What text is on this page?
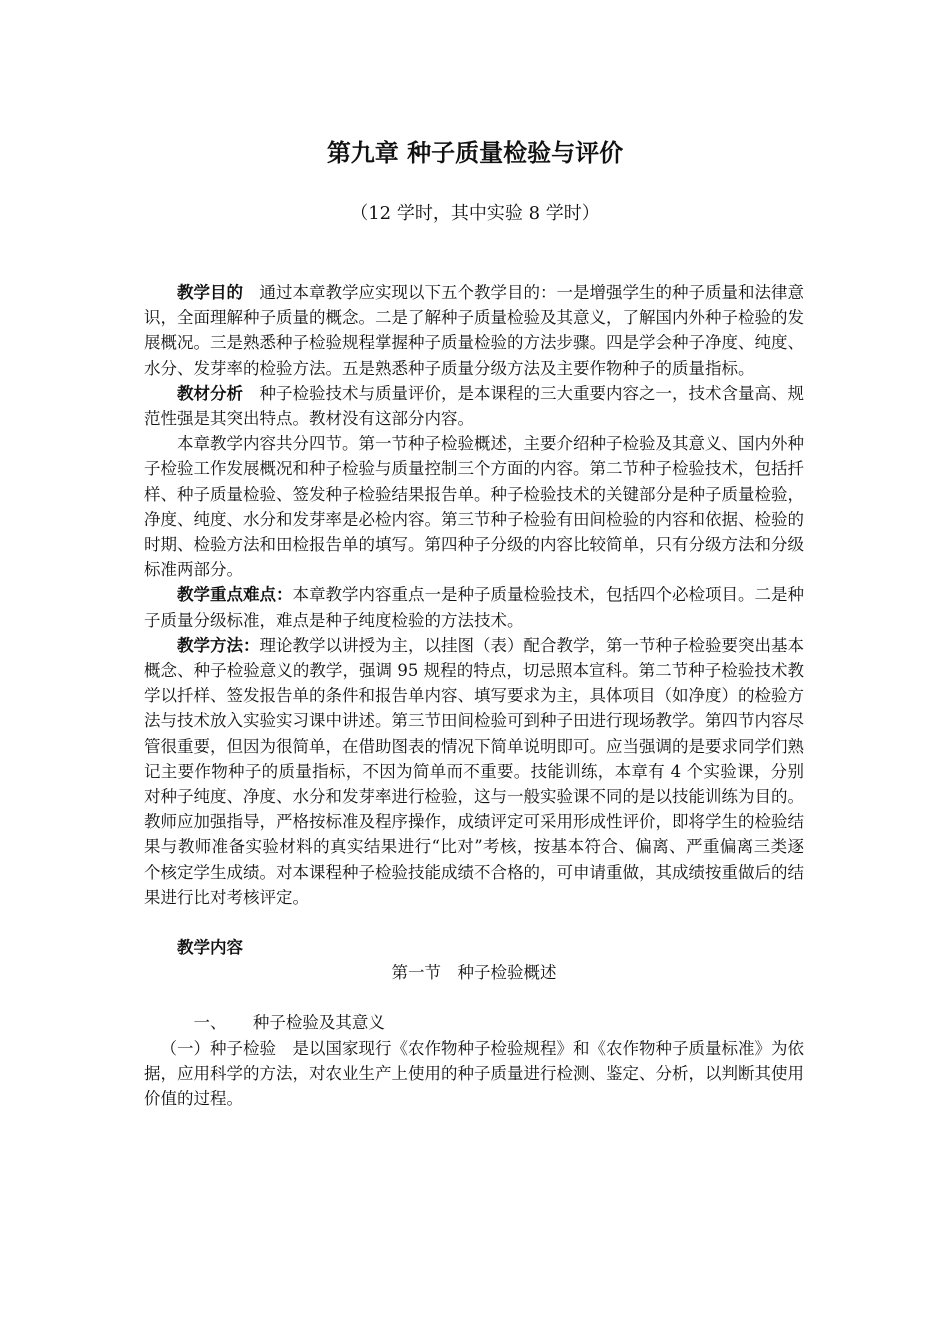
第九章 种子质量检验与评价
（12 学时，其中实验 8 学时）

教学目的　通过本章教学应实现以下五个教学目的：一是增强学生的种子质量和法律意识，全面理解种子质量的概念。二是了解种子质量检验及其意义，了解国内外种子检验的发展概况。三是熟悉种子检验规程掌握种子质量检验的方法步骤。四是学会种子净度、纯度、水分、发芽率的检验方法。五是熟悉种子质量分级方法及主要作物种子的质量指标。

教材分析　种子检验技术与质量评价，是本课程的三大重要内容之一，技术含量高、规范性强是其突出特点。教材没有这部分内容。

本章教学内容共分四节。第一节种子检验概述，主要介绍种子检验及其意义、国内外种子检验工作发展概况和种子检验与质量控制三个方面的内容。第二节种子检验技术，包括扦样、种子质量检验、签发种子检验结果报告单。种子检验技术的关键部分是种子质量检验，净度、纯度、水分和发芽率是必检内容。第三节种子检验有田间检验的内容和依据、检验的时期、检验方法和田检报告单的填写。第四种子分级的内容比较简单，只有分级方法和分级标准两部分。

教学重点难点：本章教学内容重点一是种子质量检验技术，包括四个必检项目。二是种子质量分级标准，难点是种子纯度检验的方法技术。

教学方法：理论教学以讲授为主，以挂图（表）配合教学，第一节种子检验要突出基本概念、种子检验意义的教学，强调 95 规程的特点，切忌照本宣科。第二节种子检验技术教学以扦样、签发报告单的条件和报告单内容、填写要求为主，具体项目（如净度）的检验方法与技术放入实验实习课中讲述。第三节田间检验可到种子田进行现场教学。第四节内容尽管很重要，但因为很简单，在借助图表的情况下简单说明即可。应当强调的是要求同学们熟记主要作物种子的质量指标，不因为简单而不重要。技能训练，本章有 4 个实验课，分别对种子纯度、净度、水分和发芽率进行检验，这与一般实验课不同的是以技能训练为目的。教师应加强指导，严格按标准及程序操作，成绩评定可采用形成性评价，即将学生的检验结果与教师准备实验材料的真实结果进行“比对”考核，按基本符合、偏离、严重偏离三类逐个核定学生成绩。对本课程种子检验技能成绩不合格的，可申请重做，其成绩按重做后的结果进行比对考核评定。

教学内容
第一节　种子检验概述
一、 种子检验及其意义

（一）种子检验　是以国家现行《农作物种子检验规程》和《农作物种子质量标准》为依据，应用科学的方法，对农业生产上使用的种子质量进行检测、鉴定、分析，以判断其使用价值的过程。
